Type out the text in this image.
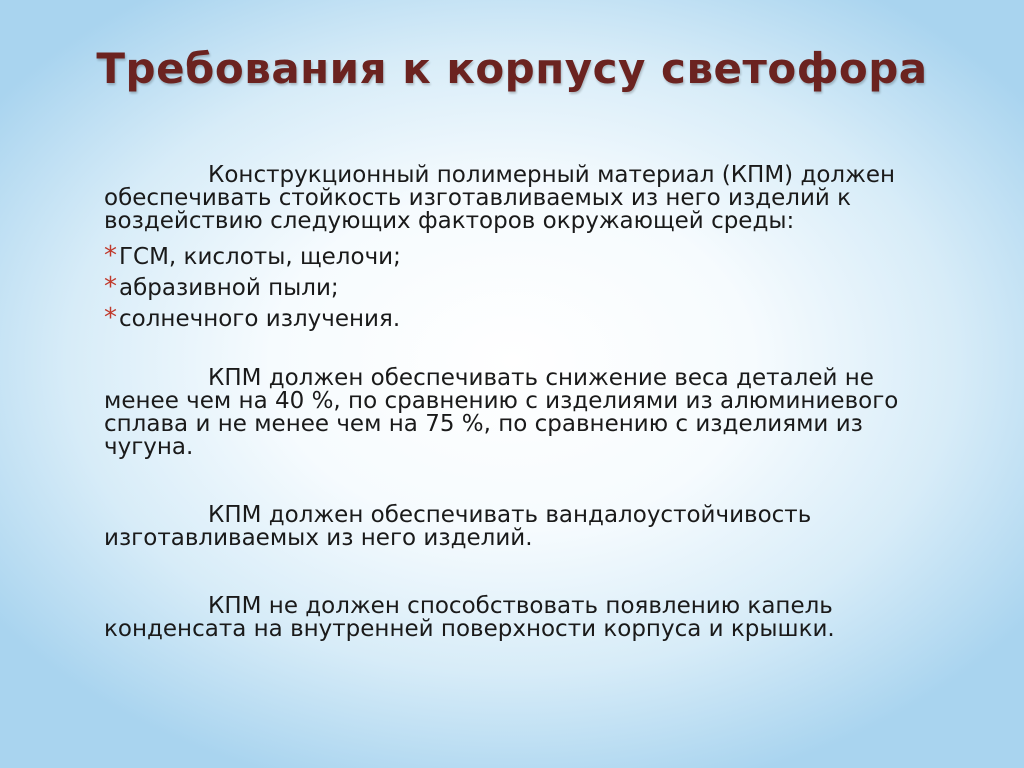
Требования к корпусу светофора

Конструкционный полимерный материал (КПМ) должен обеспечивать стойкость изготавливаемых из него изделий к воздействию следующих факторов окружающей среды:

* ГСМ, кислоты, щелочи;
* абразивной пыли;
* солнечного излучения.

КПМ должен обеспечивать снижение веса деталей не менее чем на 40 %, по сравнению с изделиями из алюминиевого сплава и не менее чем на 75 %, по сравнению с изделиями из чугуна.

КПМ должен обеспечивать вандалоустойчивость изготавливаемых из него изделий.

КПМ не должен способствовать появлению капель конденсата на внутренней поверхности корпуса и крышки.
